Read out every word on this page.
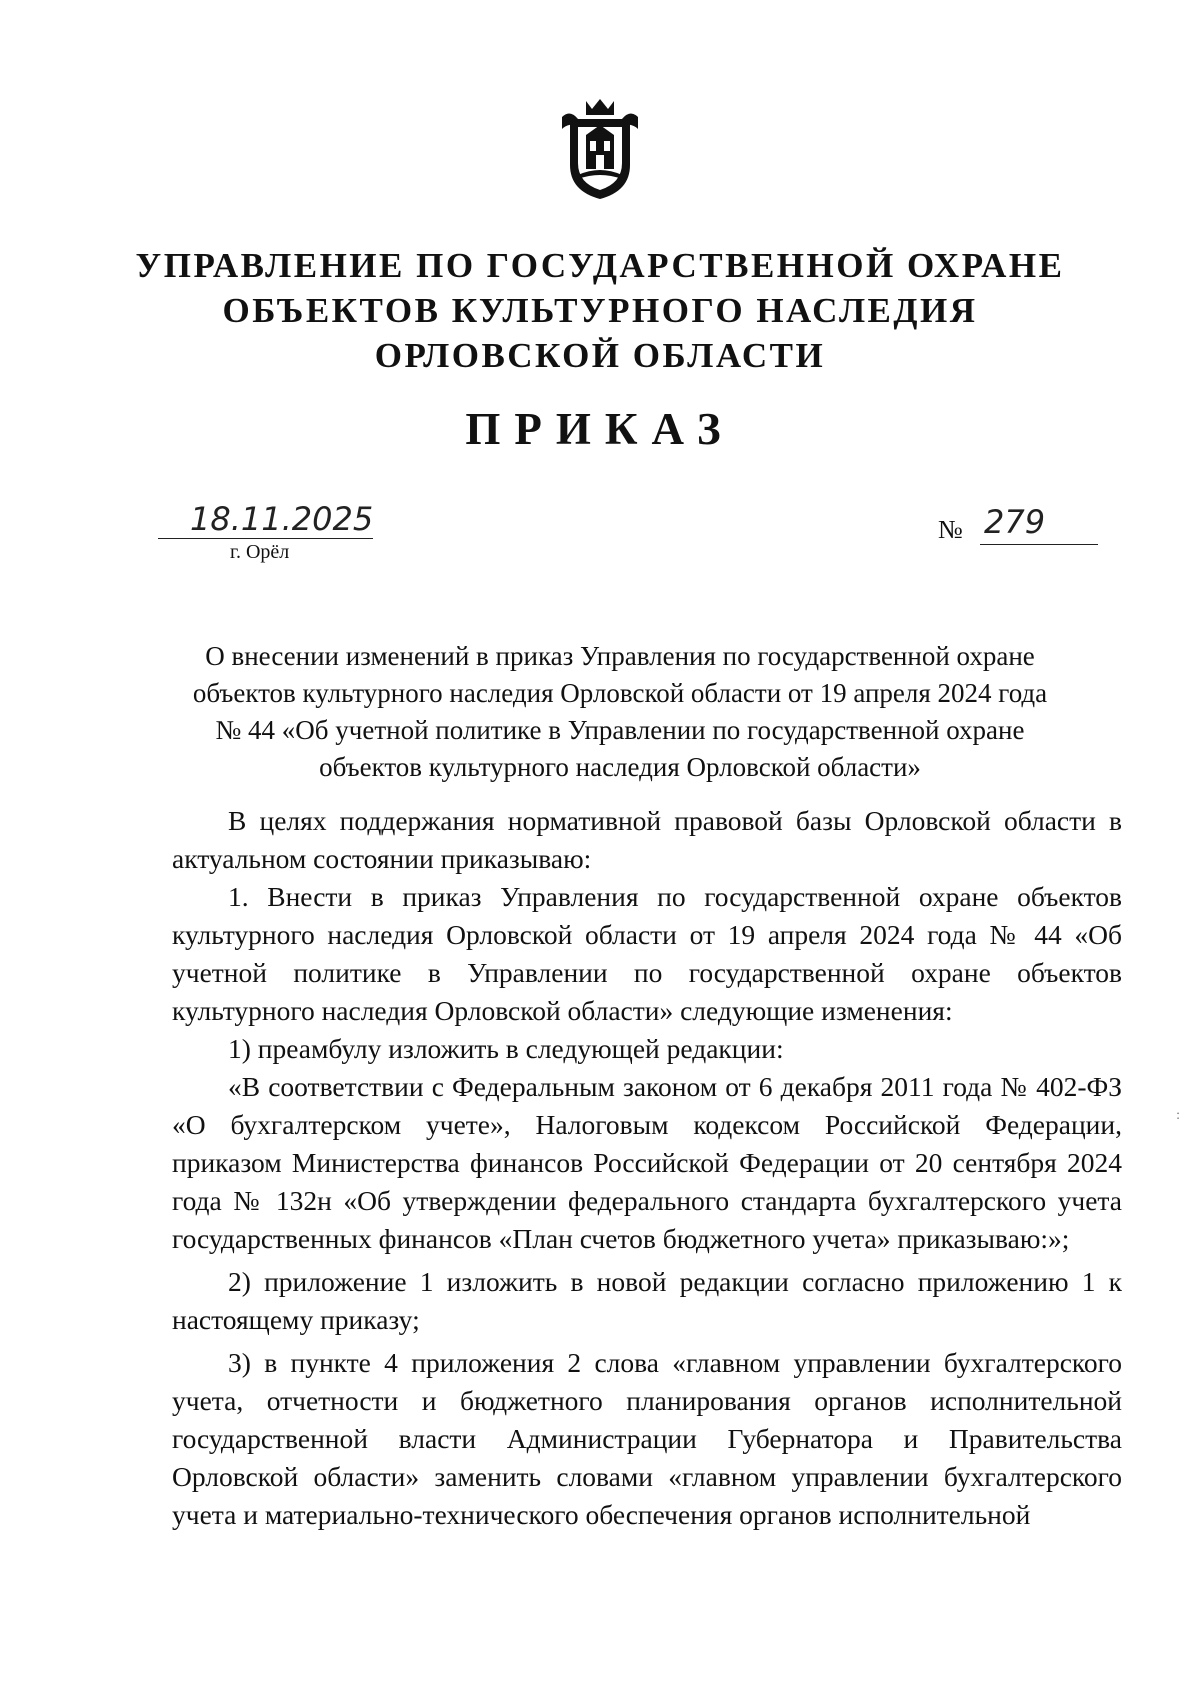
УПРАВЛЕНИЕ ПО ГОСУДАРСТВЕННОЙ ОХРАНЕ
ОБЪЕКТОВ КУЛЬТУРНОГО НАСЛЕДИЯ
ОРЛОВСКОЙ ОБЛАСТИ
ПРИКАЗ
18.11.2025
г. Орёл
№ 279
О внесении изменений в приказ Управления по государственной охране
объектов культурного наследия Орловской области от 19 апреля 2024 года
№ 44 «Об учетной политике в Управлении по государственной охране
объектов культурного наследия Орловской области»

В целях поддержания нормативной правовой базы Орловской области в актуальном состоянии приказываю:

1. Внести в приказ Управления по государственной охране объектов культурного наследия Орловской области от 19 апреля 2024 года № 44 «Об учетной политике в Управлении по государственной охране объектов культурного наследия Орловской области» следующие изменения:

1) преамбулу изложить в следующей редакции:

«В соответствии с Федеральным законом от 6 декабря 2011 года № 402-ФЗ «О бухгалтерском учете», Налоговым кодексом Российской Федерации, приказом Министерства финансов Российской Федерации от 20 сентября 2024 года № 132н «Об утверждении федерального стандарта бухгалтерского учета государственных финансов «План счетов бюджетного учета» приказываю:»;

2) приложение 1 изложить в новой редакции согласно приложению 1 к настоящему приказу;

3) в пункте 4 приложения 2 слова «главном управлении бухгалтерского учета, отчетности и бюджетного планирования органов исполнительной государственной власти Администрации Губернатора и Правительства Орловской области» заменить словами «главном управлении бухгалтерского учета и материально-технического обеспечения органов исполнительной

:
